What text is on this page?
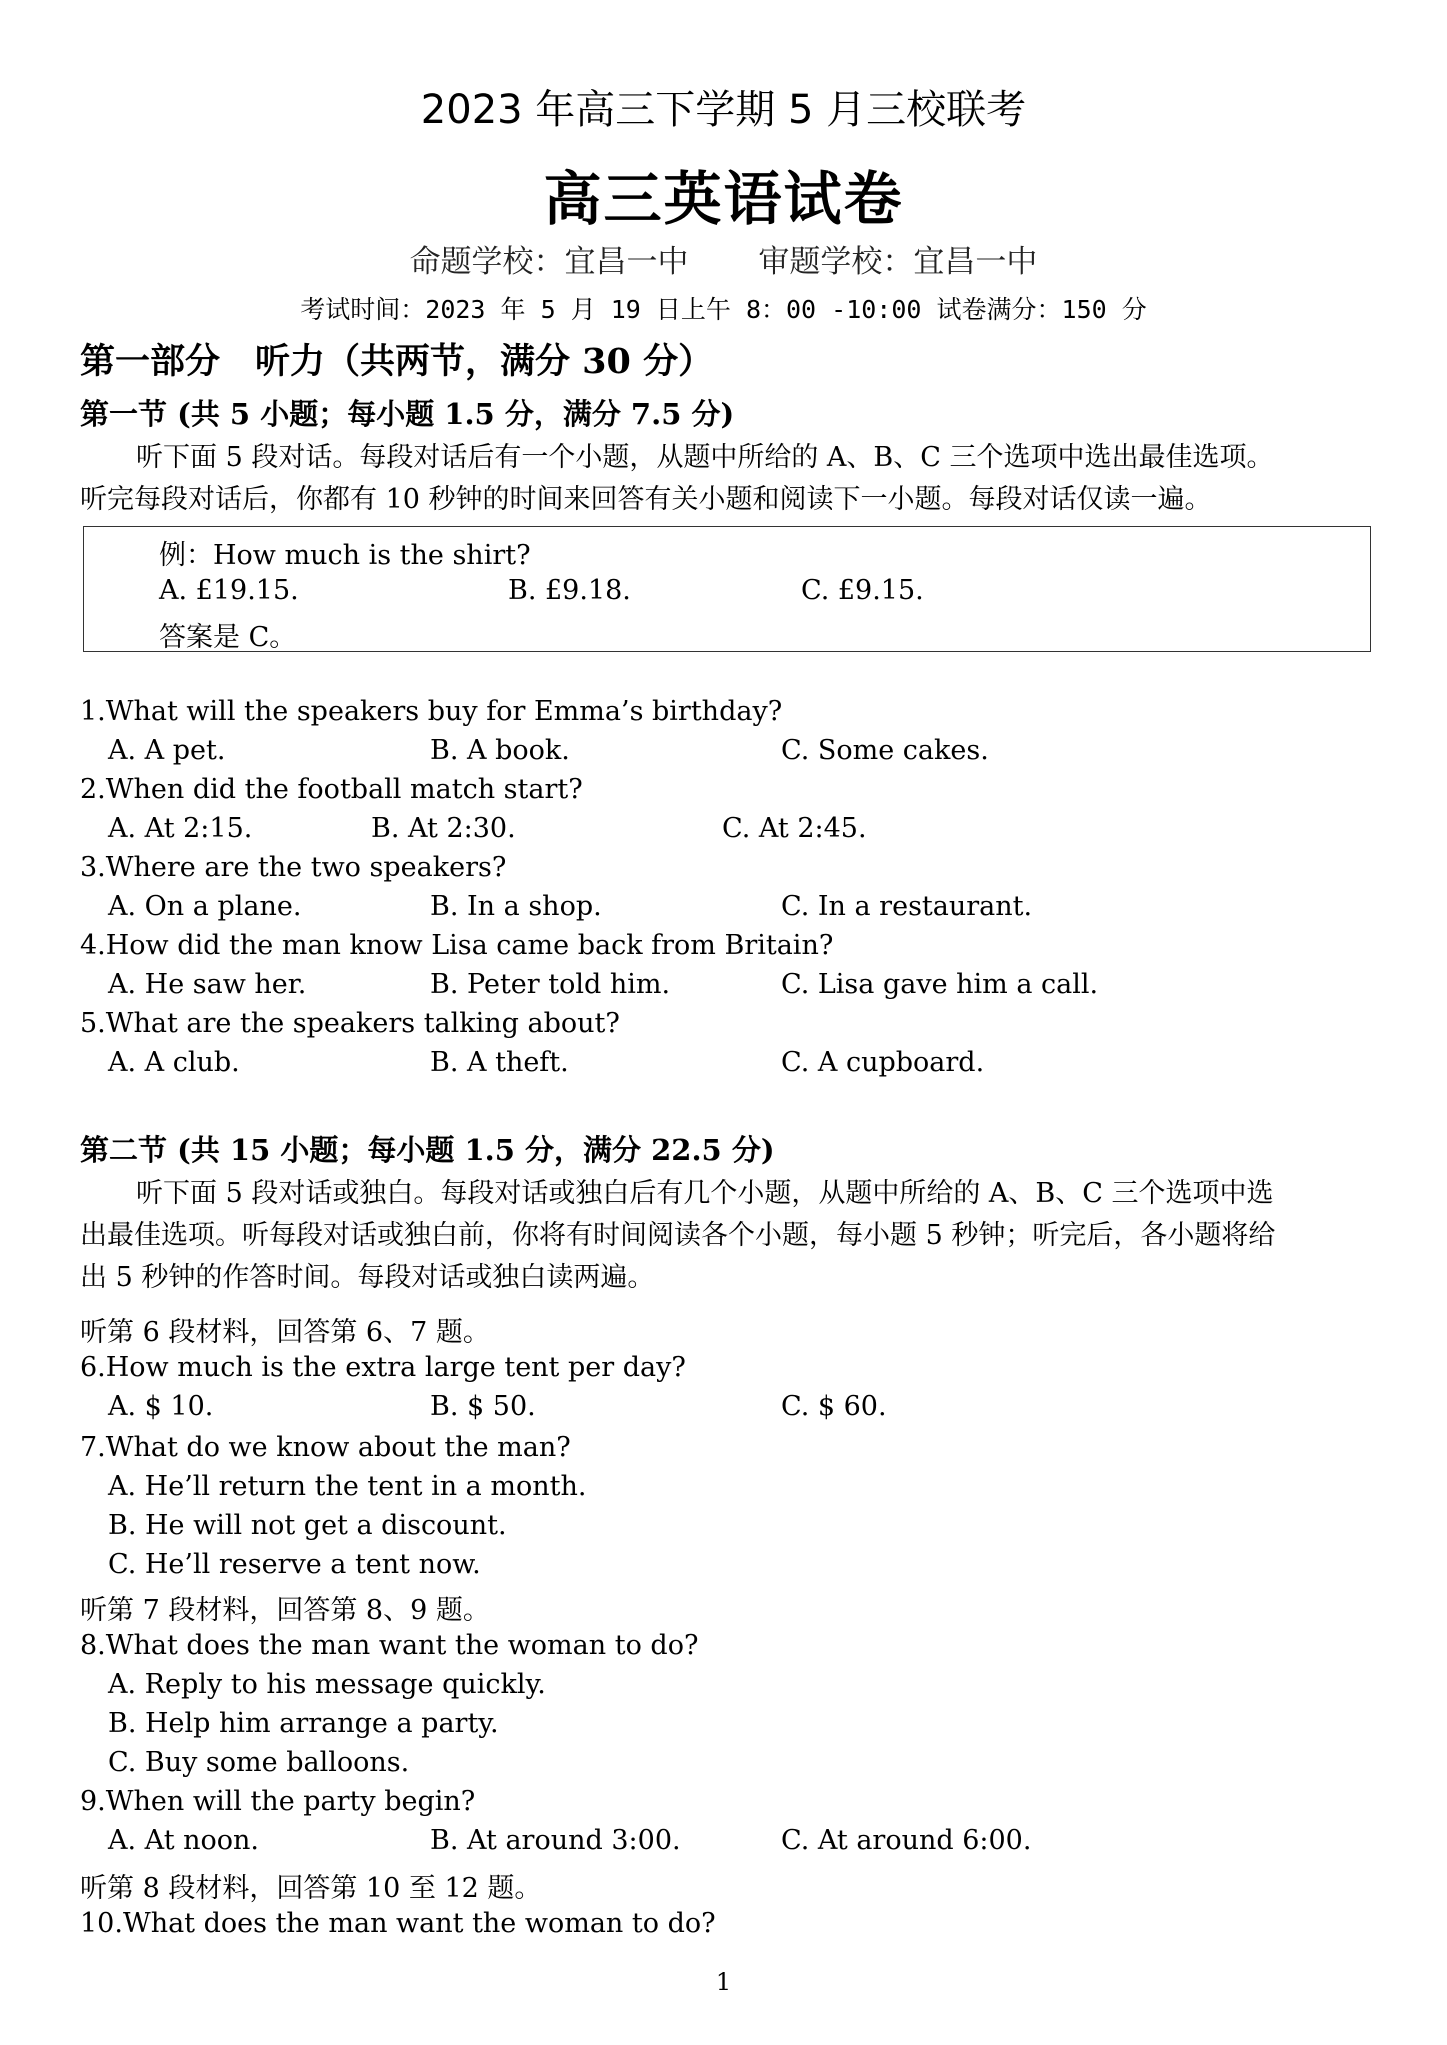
2023 年高三下学期 5 月三校联考
高三英语试卷
命题学校：宜昌一中 审题学校：宜昌一中
考试时间：2023 年 5 月 19 日上午 8：00 -10:00 试卷满分：150 分
第一部分　听力（共两节，满分 30 分）
第一节 (共 5 小题；每小题 1.5 分，满分 7.5 分)
听下面 5 段对话。每段对话后有一个小题，从题中所给的 A、B、C 三个选项中选出最佳选项。
听完每段对话后，你都有 10 秒钟的时间来回答有关小题和阅读下一小题。每段对话仅读一遍。
例：How much is the shirt?
A. £19.15.	B. £9.18.	C. £9.15.
答案是 C。
1.What will the speakers buy for Emma’s birthday?
A. A pet.	B. A book.	C. Some cakes.
2.When did the football match start?
A. At 2:15.	B. At 2:30.	C. At 2:45.
3.Where are the two speakers?
A. On a plane.	B. In a shop.	C. In a restaurant.
4.How did the man know Lisa came back from Britain?
A. He saw her.	B. Peter told him.	C. Lisa gave him a call.
5.What are the speakers talking about?
A. A club.	B. A theft.	C. A cupboard.
第二节 (共 15 小题；每小题 1.5 分，满分 22.5 分)
听下面 5 段对话或独白。每段对话或独白后有几个小题，从题中所给的 A、B、C 三个选项中选
出最佳选项。听每段对话或独白前，你将有时间阅读各个小题，每小题 5 秒钟；听完后，各小题将给
出 5 秒钟的作答时间。每段对话或独白读两遍。
听第 6 段材料，回答第 6、7 题。
6.How much is the extra large tent per day?
A. $ 10.	B. $ 50.	C. $ 60.
7.What do we know about the man?
A. He’ll return the tent in a month.
B. He will not get a discount.
C. He’ll reserve a tent now.
听第 7 段材料，回答第 8、9 题。
8.What does the man want the woman to do?
A. Reply to his message quickly.
B. Help him arrange a party.
C. Buy some balloons.
9.When will the party begin?
A. At noon.	B. At around 3:00.	C. At around 6:00.
听第 8 段材料，回答第 10 至 12 题。
10.What does the man want the woman to do?
1
